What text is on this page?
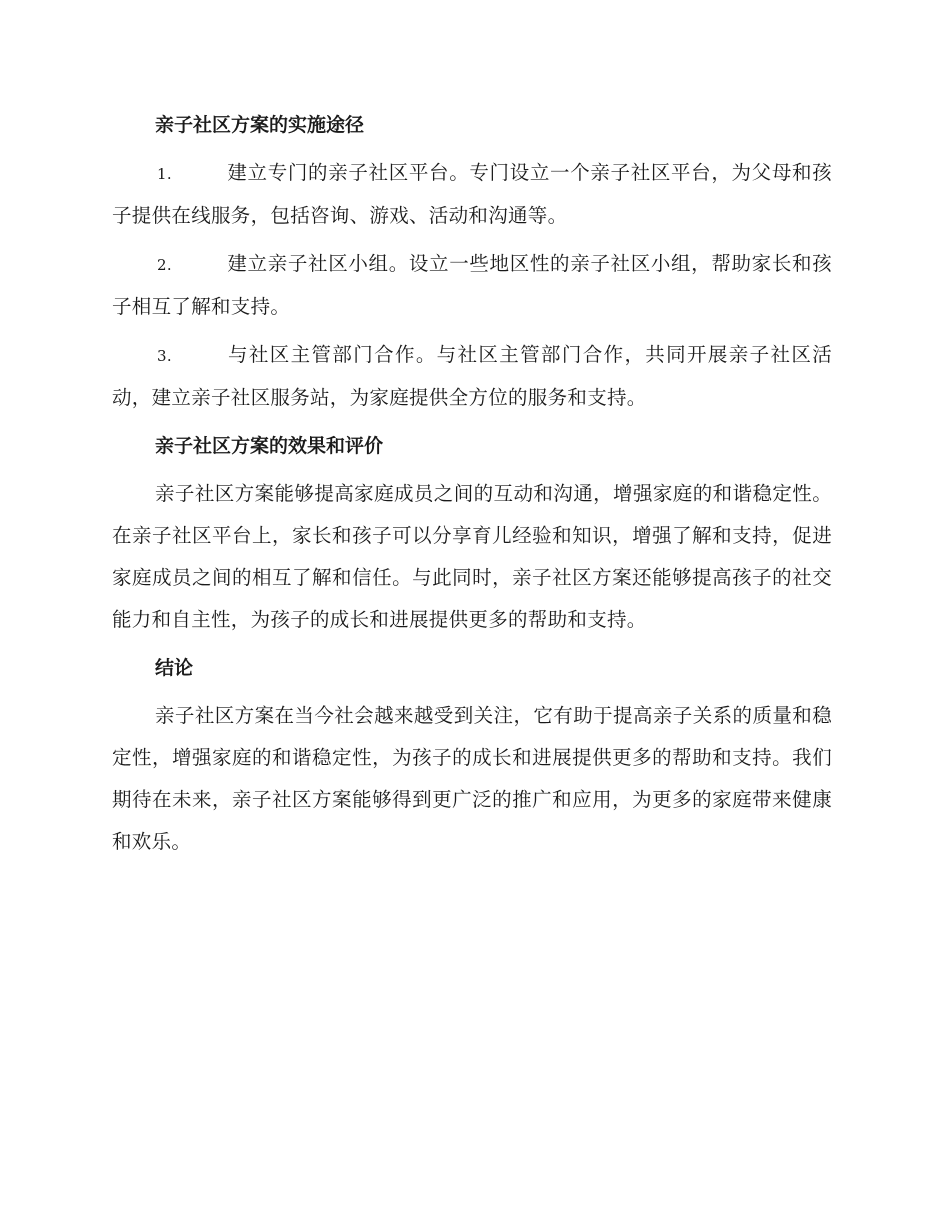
亲子社区方案的实施途径
1.	建立专门的亲子社区平台。专门设立一个亲子社区平台，为父母和孩子提供在线服务，包括咨询、游戏、活动和沟通等。
2.	建立亲子社区小组。设立一些地区性的亲子社区小组，帮助家长和孩子相互了解和支持。
3.	与社区主管部门合作。与社区主管部门合作，共同开展亲子社区活动，建立亲子社区服务站，为家庭提供全方位的服务和支持。
亲子社区方案的效果和评价

亲子社区方案能够提高家庭成员之间的互动和沟通，增强家庭的和谐稳定性。在亲子社区平台上，家长和孩子可以分享育儿经验和知识，增强了解和支持，促进家庭成员之间的相互了解和信任。与此同时，亲子社区方案还能够提高孩子的社交能力和自主性，为孩子的成长和进展提供更多的帮助和支持。

结论

亲子社区方案在当今社会越来越受到关注，它有助于提高亲子关系的质量和稳定性，增强家庭的和谐稳定性，为孩子的成长和进展提供更多的帮助和支持。我们期待在未来，亲子社区方案能够得到更广泛的推广和应用，为更多的家庭带来健康和欢乐。
